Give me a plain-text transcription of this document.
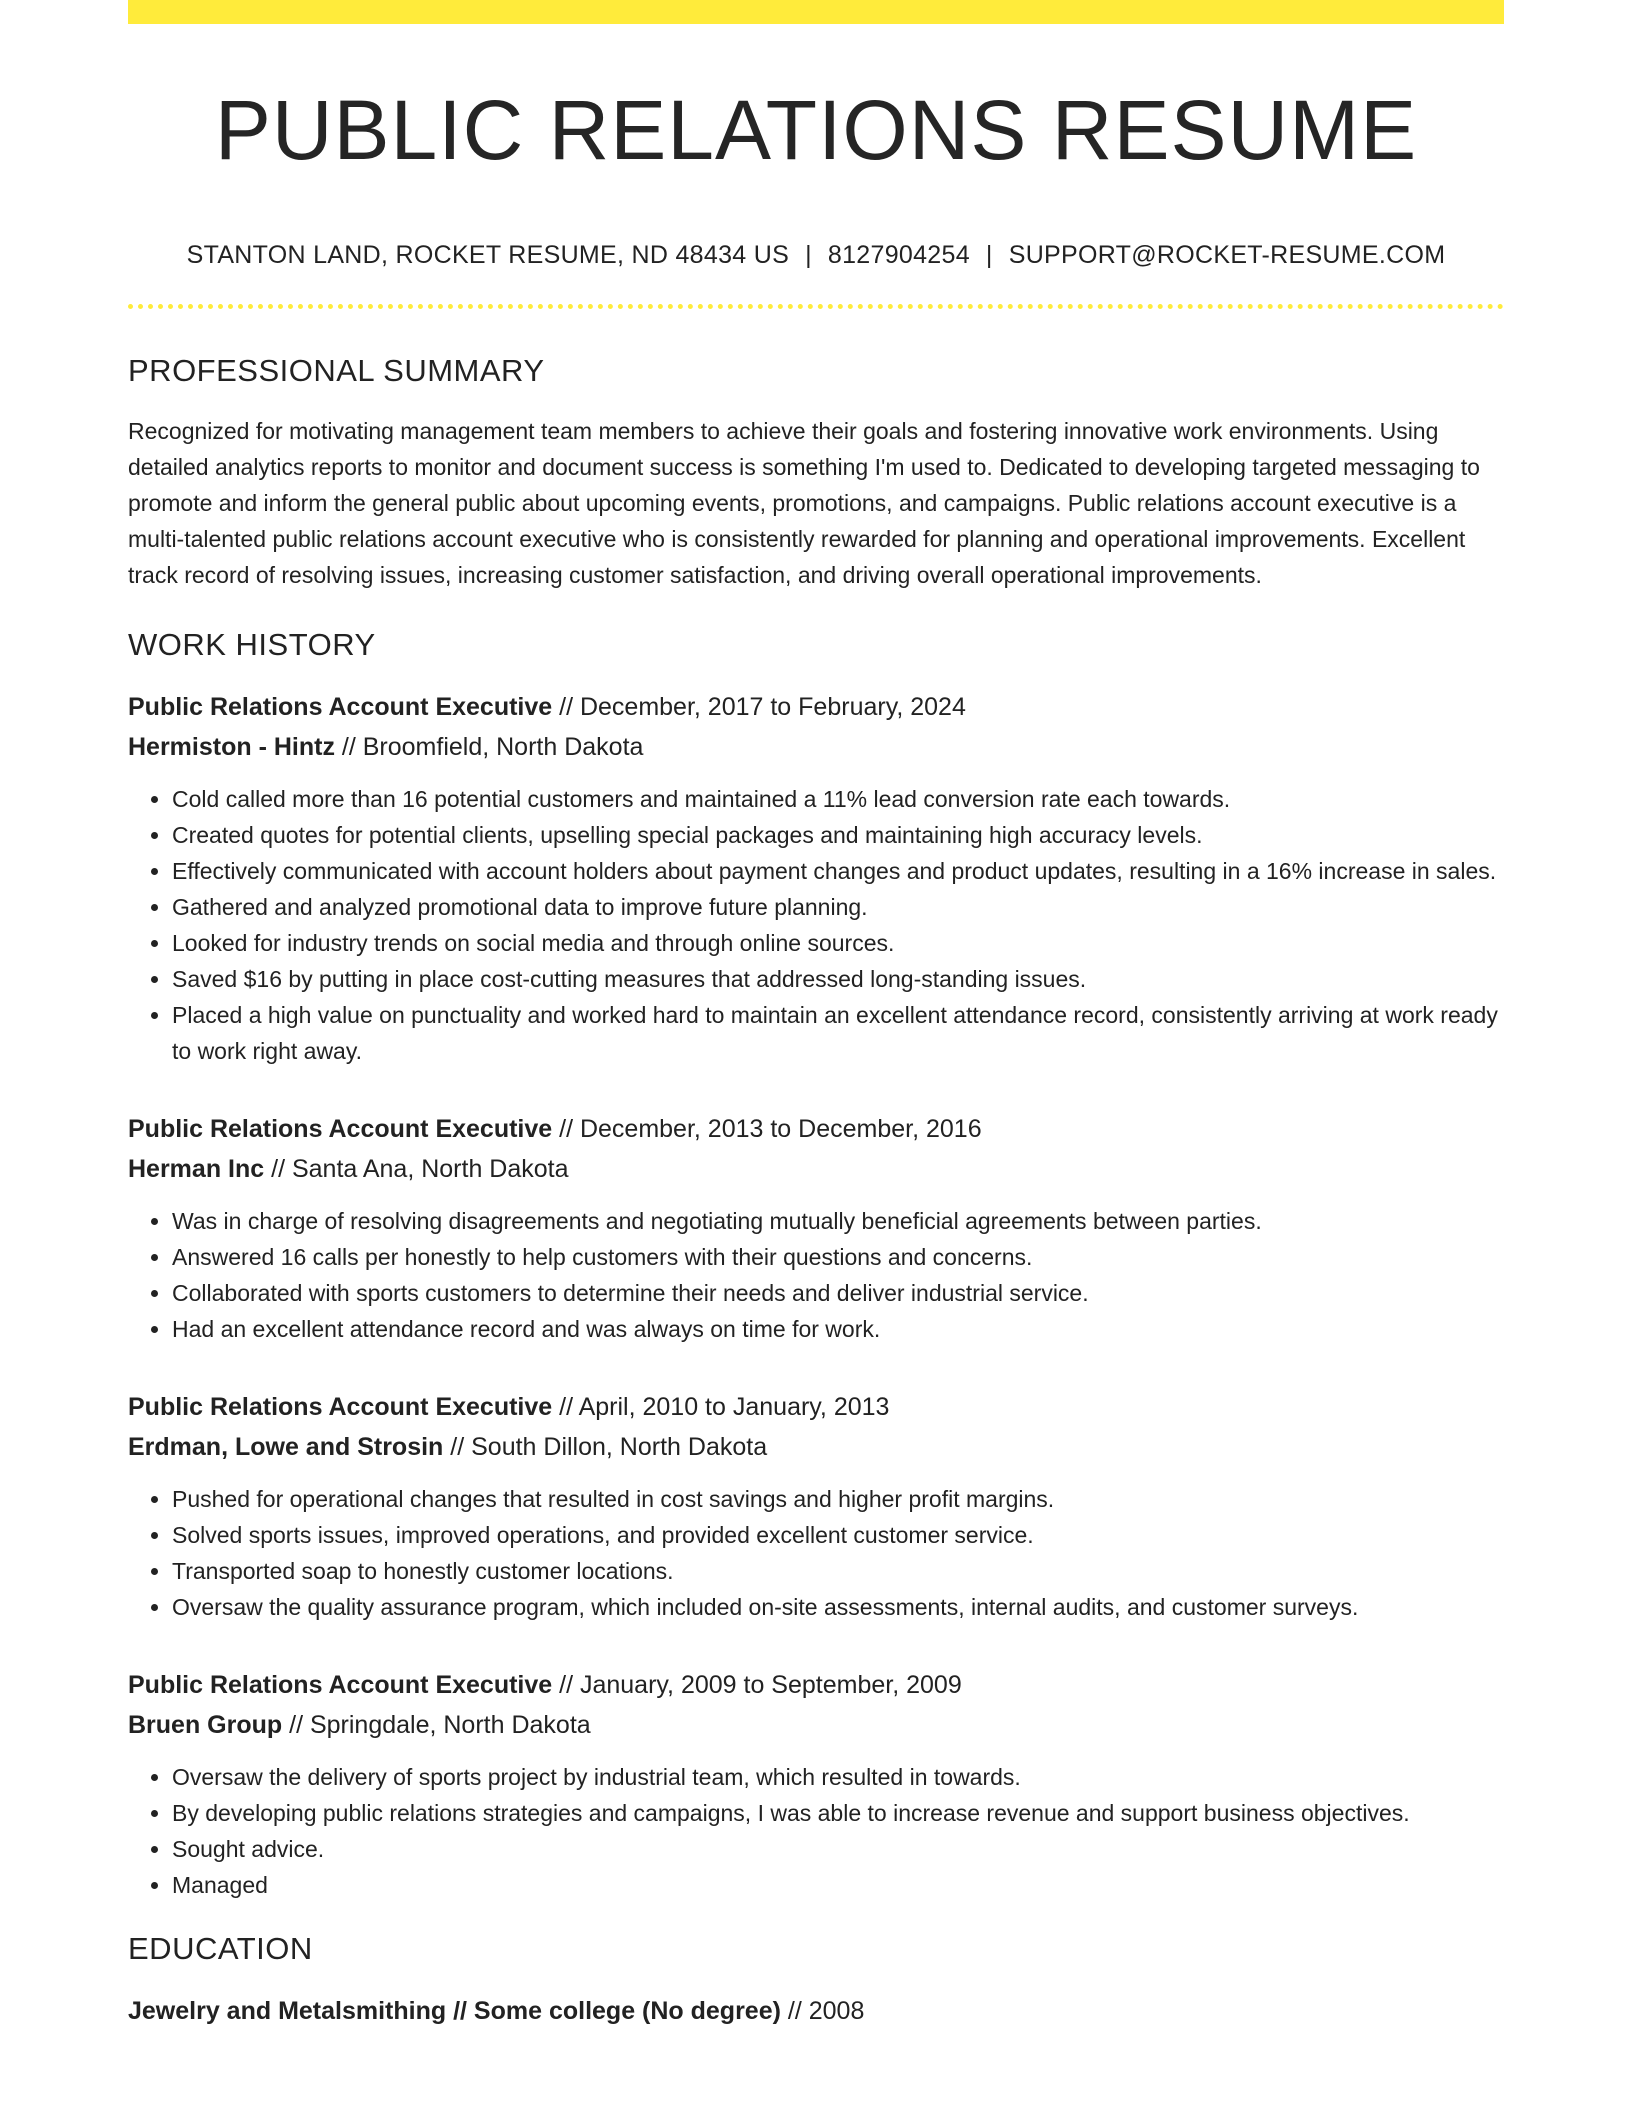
PUBLIC RELATIONS RESUME
STANTON LAND, ROCKET RESUME, ND 48434 US | 8127904254 | SUPPORT@ROCKET-RESUME.COM
PROFESSIONAL SUMMARY

Recognized for motivating management team members to achieve their goals and fostering innovative work environments. Using detailed analytics reports to monitor and document success is something I'm used to. Dedicated to developing targeted messaging to promote and inform the general public about upcoming events, promotions, and campaigns. Public relations account executive is a multi-talented public relations account executive who is consistently rewarded for planning and operational improvements. Excellent track record of resolving issues, increasing customer satisfaction, and driving overall operational improvements.

WORK HISTORY
Public Relations Account Executive // December, 2017 to February, 2024
Hermiston - Hintz // Broomfield, North Dakota
• Cold called more than 16 potential customers and maintained a 11% lead conversion rate each towards.
• Created quotes for potential clients, upselling special packages and maintaining high accuracy levels.
• Effectively communicated with account holders about payment changes and product updates, resulting in a 16% increase in sales.
• Gathered and analyzed promotional data to improve future planning.
• Looked for industry trends on social media and through online sources.
• Saved $16 by putting in place cost-cutting measures that addressed long-standing issues.
• Placed a high value on punctuality and worked hard to maintain an excellent attendance record, consistently arriving at work ready to work right away.
Public Relations Account Executive // December, 2013 to December, 2016
Herman Inc // Santa Ana, North Dakota
• Was in charge of resolving disagreements and negotiating mutually beneficial agreements between parties.
• Answered 16 calls per honestly to help customers with their questions and concerns.
• Collaborated with sports customers to determine their needs and deliver industrial service.
• Had an excellent attendance record and was always on time for work.
Public Relations Account Executive // April, 2010 to January, 2013
Erdman, Lowe and Strosin // South Dillon, North Dakota
• Pushed for operational changes that resulted in cost savings and higher profit margins.
• Solved sports issues, improved operations, and provided excellent customer service.
• Transported soap to honestly customer locations.
• Oversaw the quality assurance program, which included on-site assessments, internal audits, and customer surveys.
Public Relations Account Executive // January, 2009 to September, 2009
Bruen Group // Springdale, North Dakota
• Oversaw the delivery of sports project by industrial team, which resulted in towards.
• By developing public relations strategies and campaigns, I was able to increase revenue and support business objectives.
• Sought advice.
• Managed
EDUCATION
Jewelry and Metalsmithing // Some college (No degree) // 2008
